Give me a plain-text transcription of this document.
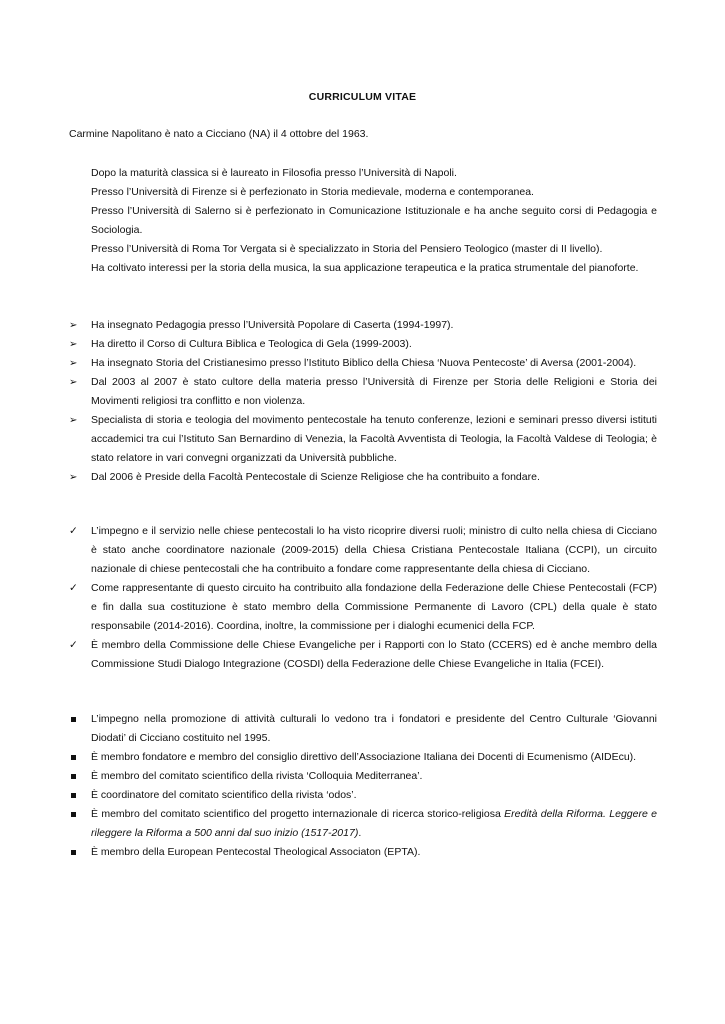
CURRICULUM VITAE
Carmine Napolitano è nato a Cicciano (NA) il 4 ottobre del 1963.
Dopo la maturità classica si è laureato in Filosofia presso l’Università di Napoli.
Presso l’Università di Firenze si è perfezionato in Storia medievale, moderna e contemporanea.
Presso l’Università di Salerno si è perfezionato in Comunicazione Istituzionale e ha anche seguito corsi di Pedagogia e Sociologia.
Presso l’Università di Roma Tor Vergata si è specializzato in Storia del Pensiero Teologico (master di II livello).
Ha coltivato interessi per la storia della musica, la sua applicazione terapeutica e la pratica strumentale del pianoforte.
➢	Ha insegnato Pedagogia presso l’Università Popolare di Caserta (1994-1997).
➢	Ha diretto il Corso di Cultura Biblica e Teologica di Gela (1999-2003).
➢	Ha insegnato Storia del Cristianesimo presso l’Istituto Biblico della Chiesa ‘Nuova Pentecoste’ di Aversa (2001-2004).
➢	Dal 2003 al 2007 è stato cultore della materia presso l’Università di Firenze per Storia delle Religioni e Storia dei Movimenti religiosi tra conflitto e non violenza.
➢	Specialista di storia e teologia del movimento pentecostale ha tenuto conferenze, lezioni e seminari presso diversi istituti accademici tra cui l’Istituto San Bernardino di Venezia, la Facoltà Avventista di Teologia, la Facoltà Valdese di Teologia; è stato relatore in vari convegni organizzati da Università pubbliche.
➢	Dal 2006 è Preside della Facoltà Pentecostale di Scienze Religiose che ha contribuito a fondare.
✓	L’impegno e il servizio nelle chiese pentecostali lo ha visto ricoprire diversi ruoli; ministro di culto nella chiesa di Cicciano è stato anche coordinatore nazionale (2009-2015) della Chiesa Cristiana Pentecostale Italiana (CCPI), un circuito nazionale di chiese pentecostali che ha contribuito a fondare come rappresentante della chiesa di Cicciano.
✓	Come rappresentante di questo circuito ha contribuito alla fondazione della Federazione delle Chiese Pentecostali (FCP) e fin dalla sua costituzione è stato membro della Commissione Permanente di Lavoro (CPL) della quale è stato responsabile (2014-2016). Coordina, inoltre, la commissione per i dialoghi ecumenici della FCP.
✓	È membro della Commissione delle Chiese Evangeliche per i Rapporti con lo Stato (CCERS) ed è anche membro della Commissione Studi Dialogo Integrazione (COSDI) della Federazione delle Chiese Evangeliche in Italia (FCEI).
L’impegno nella promozione di attività culturali lo vedono tra i fondatori e presidente del Centro Culturale ‘Giovanni Diodati’ di Cicciano costituito nel 1995.
È membro fondatore e membro del consiglio direttivo dell’Associazione Italiana dei Docenti di Ecumenismo (AIDEcu).
È membro del comitato scientifico della rivista ‘Colloquia Mediterranea’.
È coordinatore del comitato scientifico della rivista ‘odos’.
È membro del comitato scientifico del progetto internazionale di ricerca storico-religiosa Eredità della Riforma. Leggere e rileggere la Riforma a 500 anni dal suo inizio (1517-2017).
È membro della European Pentecostal Theological Associaton (EPTA).
